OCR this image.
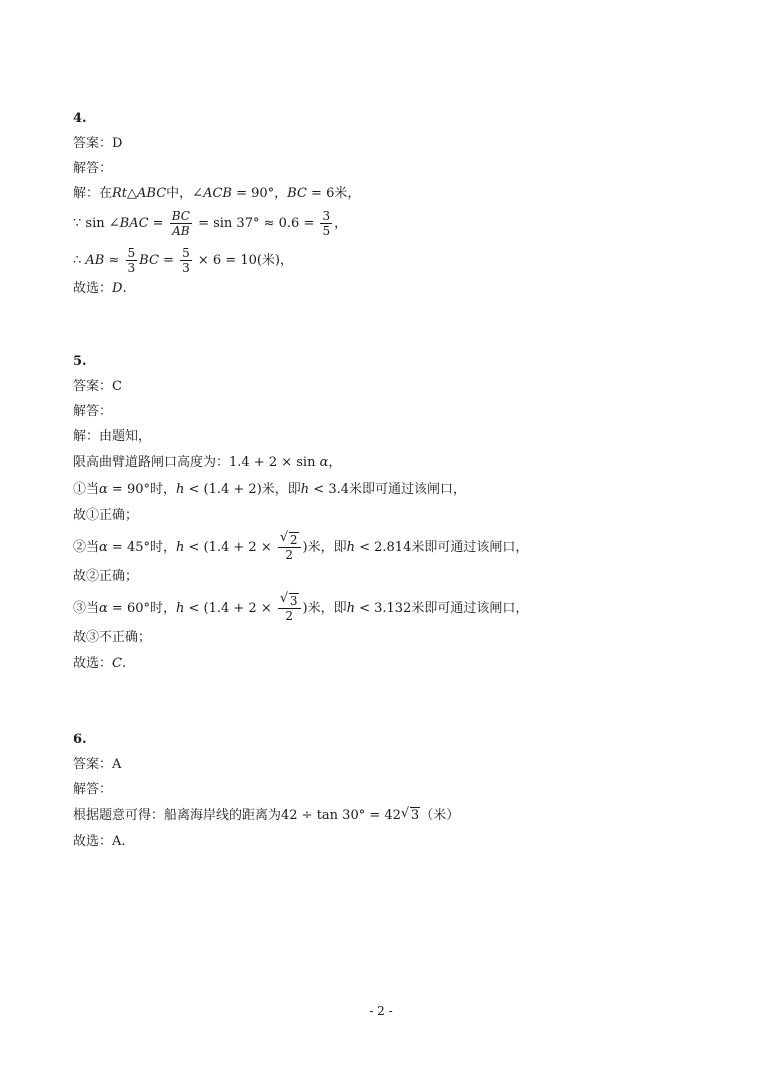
4.
答案：D
解答：
解：在Rt△ABC中，∠ACB = 90°，BC = 6米，
∵ sin ∠BAC = $\frac{BC}{AB} = \sin 37^\circ \approx 0.6 = \frac{3}{5}$ ，
∴ AB ≈ $\frac{5}{3}$ BC = $\frac{5}{3} \times 6 = 10$(米)，
故选：D.
5.
答案：C
解答：
解：由题知，
限高曲臂道路闸口高度为：1.4 + 2 × sin α，
①当α = 90°时，h < (1.4 + 2)米，即h < 3.4米即可通过该闸口，
故①正确；
②当α = 45°时，$h < (1.4 + 2 \times \frac{√ 2}{2}$ )米，即h < 2.814米即可通过该闸口，
故②正确；
③当α = 60°时，$h < (1.4 + 2 \times \frac{√ 3}{2}$ )米，即h < 3.132米即可通过该闸口，
故③不正确；
故选：C.
6.
答案：A
解答：
根据题意可得：船离海岸线的距离为42 ÷ tan 30° = 42 √ 3（米）
故选：A.
- 2 -
